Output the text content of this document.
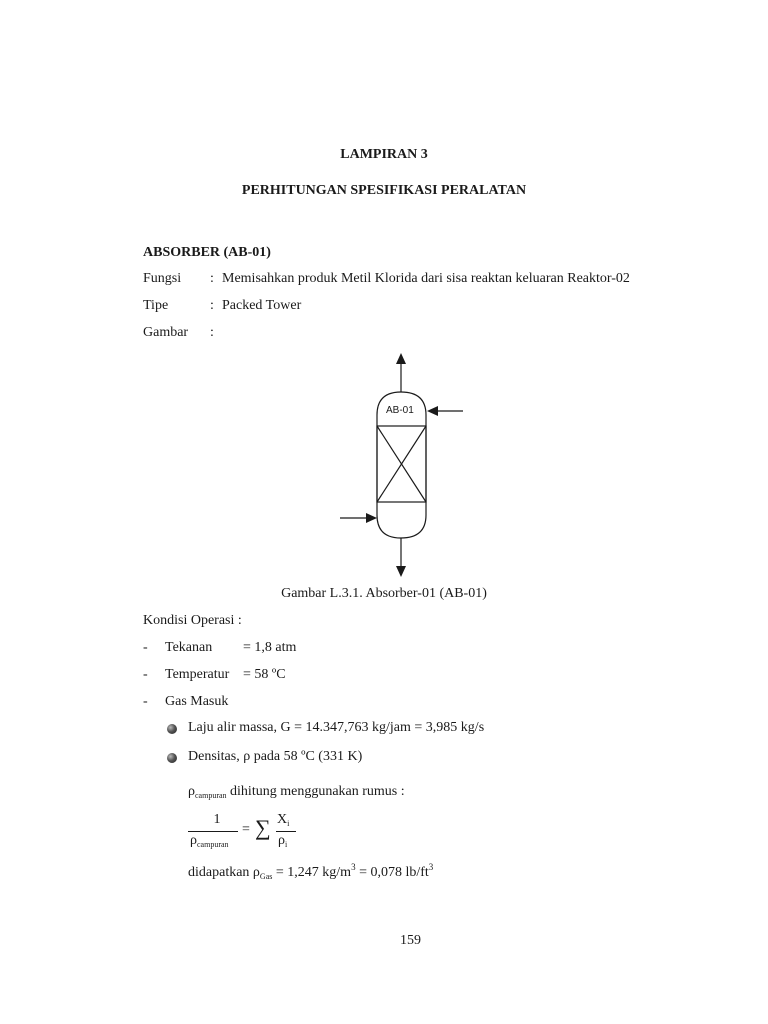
LAMPIRAN 3
PERHITUNGAN SPESIFIKASI PERALATAN
ABSORBER (AB-01)
Fungsi : Memisahkan produk Metil Klorida dari sisa reaktan keluaran Reaktor-02
Tipe	: Packed Tower
Gambar :
AB-01
Gambar L.3.1. Absorber-01 (AB-01)
Kondisi Operasi :
- Tekanan = 1,8 atm
- Temperatur = 58 ºC
- Gas Masuk
Laju alir massa, G = 14.347,763 kg/jam = 3,985 kg/s
Densitas, ρ pada 58 ºC (331 K)
$\rho_{campuran}$ dihitung menggunakan rumus :
1
$\rho_{campuran}$
= ∑ $X_i$
$\rho_i$
didapatkan $\rho_{Gas} = 1,247$ $kg/m^3 = 0,078$ $lb/ft^3$
159
